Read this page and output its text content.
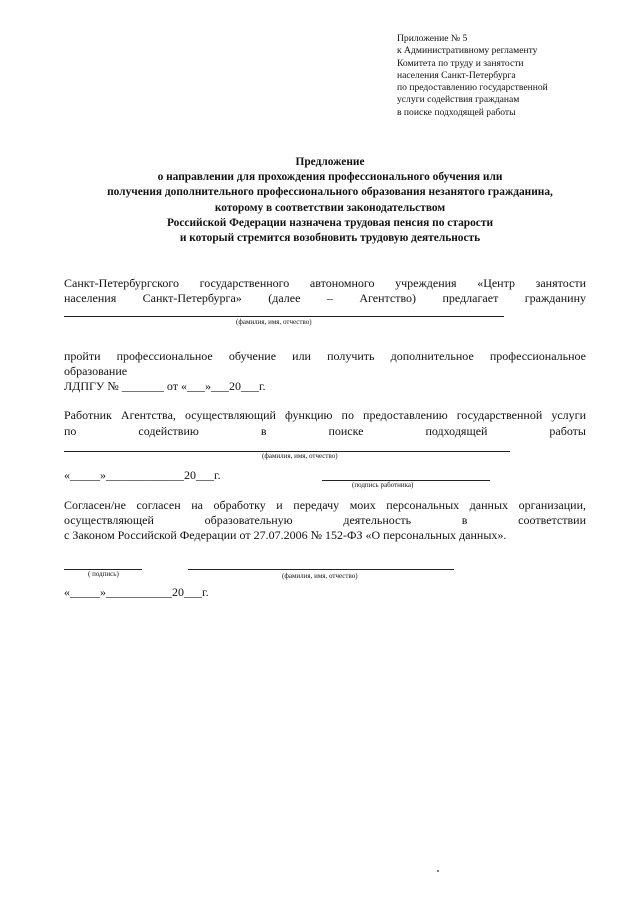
Приложение № 5
к Административному регламенту
Комитета по труду и занятости
населения Санкт-Петербурга
по предоставлению государственной
услуги содействия гражданам
в поиске подходящей работы
Предложение
о направлении для прохождения профессионального обучения или
получения дополнительного профессионального образования незанятого гражданина,
которому в соответствии законодательством
Российской Федерации назначена трудовая пенсия по старости
и который стремится возобновить трудовую деятельность
Санкт-Петербургского государственного автономного учреждения «Центр занятости
населения Санкт-Петербурга» (далее – Агентство) предлагает гражданину
(фамилия, имя, отчество)
пройти профессиональное обучение или получить дополнительное профессиональное
образование
ЛДПГУ № _______ от «___»___20___г.
Работник Агентства, осуществляющий функцию по предоставлению государственной услуги
по содействию в поиске подходящей работы
(фамилия, имя, отчество)
«_____»_____________20___г.
(подпись работника)
Согласен/не согласен на обработку и передачу моих персональных данных организации,
осуществляющей образовательную деятельность в соответствии
с Законом Российской Федерации от 27.07.2006 № 152-ФЗ «О персональных данных».
( подпись)	(фамилия, имя, отчество)
«_____»___________20___г.
